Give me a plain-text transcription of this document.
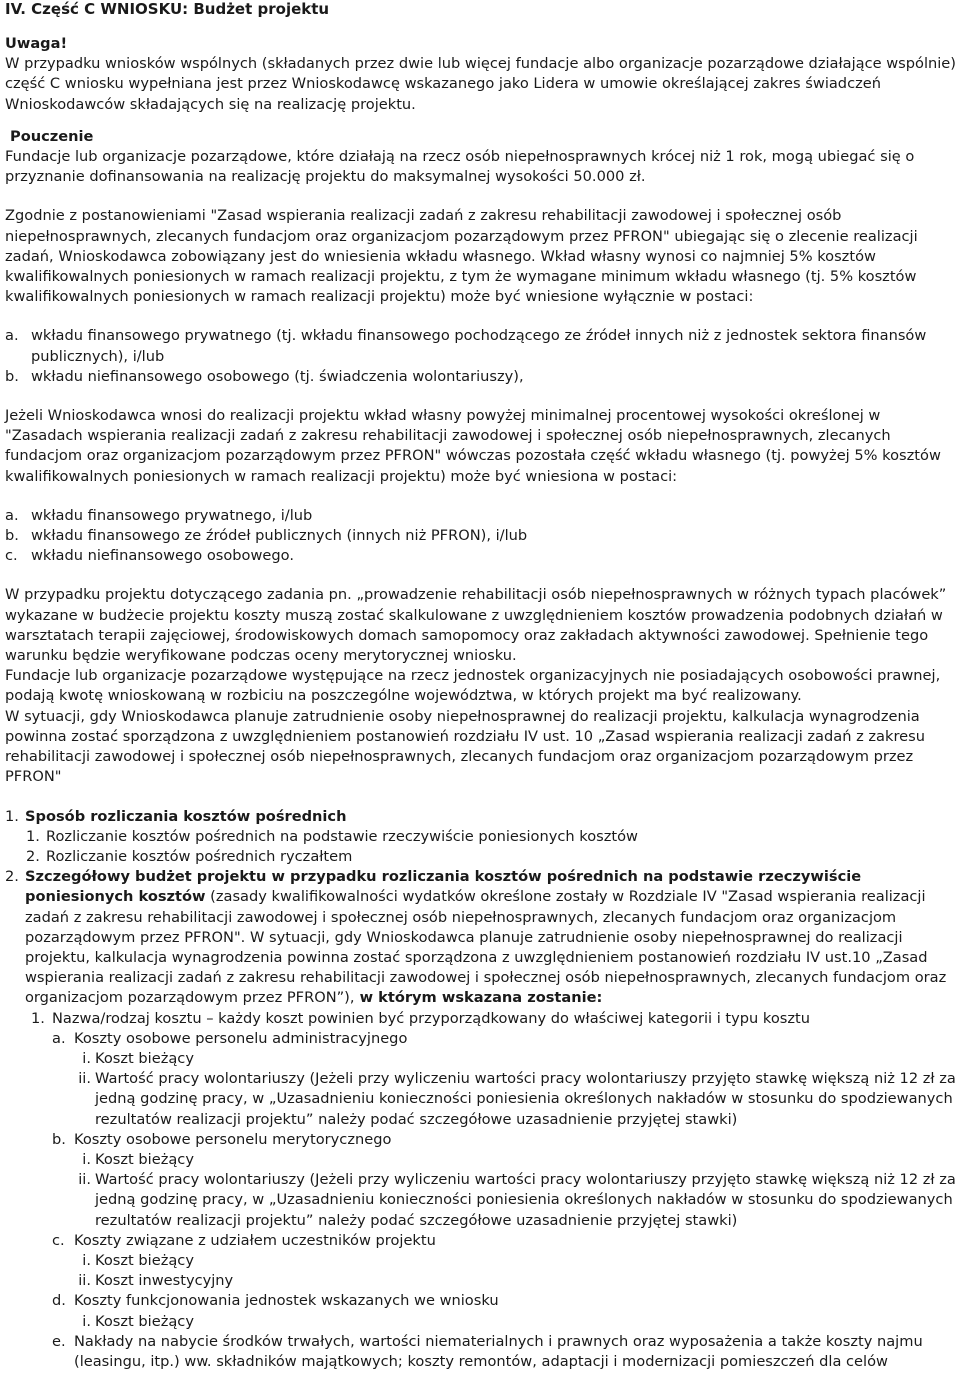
IV. Część C WNIOSKU: Budżet projektu

Uwaga!

W przypadku wniosków wspólnych (składanych przez dwie lub więcej fundacje albo organizacje pozarządowe działające wspólnie) część C wniosku wypełniana jest przez Wnioskodawcę wskazanego jako Lidera w umowie określającej zakres świadczeń Wnioskodawców składających się na realizację projektu.

Pouczenie

Fundacje lub organizacje pozarządowe, które działają na rzecz osób niepełnosprawnych krócej niż 1 rok, mogą ubiegać się o przyznanie dofinansowania na realizację projektu do maksymalnej wysokości 50.000 zł.

Zgodnie z postanowieniami "Zasad wspierania realizacji zadań z zakresu rehabilitacji zawodowej i społecznej osób niepełnosprawnych, zlecanych fundacjom oraz organizacjom pozarządowym przez PFRON" ubiegając się o zlecenie realizacji zadań, Wnioskodawca zobowiązany jest do wniesienia wkładu własnego. Wkład własny wynosi co najmniej 5% kosztów kwalifikowalnych poniesionych w ramach realizacji projektu, z tym że wymagane minimum wkładu własnego (tj. 5% kosztów kwalifikowalnych poniesionych w ramach realizacji projektu) może być wniesione wyłącznie w postaci:

a. wkładu finansowego prywatnego (tj. wkładu finansowego pochodzącego ze źródeł innych niż z jednostek sektora finansów publicznych), i/lub
b. wkładu niefinansowego osobowego (tj. świadczenia wolontariuszy),

Jeżeli Wnioskodawca wnosi do realizacji projektu wkład własny powyżej minimalnej procentowej wysokości określonej w "Zasadach wspierania realizacji zadań z zakresu rehabilitacji zawodowej i społecznej osób niepełnosprawnych, zlecanych fundacjom oraz organizacjom pozarządowym przez PFRON" wówczas pozostała część wkładu własnego (tj. powyżej 5% kosztów kwalifikowalnych poniesionych w ramach realizacji projektu) może być wniesiona w postaci:

a. wkładu finansowego prywatnego, i/lub
b. wkładu finansowego ze źródeł publicznych (innych niż PFRON), i/lub
c. wkładu niefinansowego osobowego.

W przypadku projektu dotyczącego zadania pn. „prowadzenie rehabilitacji osób niepełnosprawnych w różnych typach placówek” wykazane w budżecie projektu koszty muszą zostać skalkulowane z uwzględnieniem kosztów prowadzenia podobnych działań w warsztatach terapii zajęciowej, środowiskowych domach samopomocy oraz zakładach aktywności zawodowej. Spełnienie tego warunku będzie weryfikowane podczas oceny merytorycznej wniosku.

Fundacje lub organizacje pozarządowe występujące na rzecz jednostek organizacyjnych nie posiadających osobowości prawnej, podają kwotę wnioskowaną w rozbiciu na poszczególne województwa, w których projekt ma być realizowany.

W sytuacji, gdy Wnioskodawca planuje zatrudnienie osoby niepełnosprawnej do realizacji projektu, kalkulacja wynagrodzenia powinna zostać sporządzona z uwzględnieniem postanowień rozdziału IV ust. 10 „Zasad wspierania realizacji zadań z zakresu rehabilitacji zawodowej i społecznej osób niepełnosprawnych, zlecanych fundacjom oraz organizacjom pozarządowym przez PFRON"

1. Sposób rozliczania kosztów pośrednich
1. Rozliczanie kosztów pośrednich na podstawie rzeczywiście poniesionych kosztów
2. Rozliczanie kosztów pośrednich ryczałtem
2. Szczegółowy budżet projektu w przypadku rozliczania kosztów pośrednich na podstawie rzeczywiście poniesionych kosztów (zasady kwalifikowalności wydatków określone zostały w Rozdziale IV "Zasad wspierania realizacji zadań z zakresu rehabilitacji zawodowej i społecznej osób niepełnosprawnych, zlecanych fundacjom oraz organizacjom pozarządowym przez PFRON". W sytuacji, gdy Wnioskodawca planuje zatrudnienie osoby niepełnosprawnej do realizacji projektu, kalkulacja wynagrodzenia powinna zostać sporządzona z uwzględnieniem postanowień rozdziału IV ust.10 „Zasad wspierania realizacji zadań z zakresu rehabilitacji zawodowej i społecznej osób niepełnosprawnych, zlecanych fundacjom oraz organizacjom pozarządowym przez PFRON”), w którym wskazana zostanie:
1. Nazwa/rodzaj kosztu – każdy koszt powinien być przyporządkowany do właściwej kategorii i typu kosztu
a. Koszty osobowe personelu administracyjnego
i. Koszt bieżący
ii. Wartość pracy wolontariuszy (Jeżeli przy wyliczeniu wartości pracy wolontariuszy przyjęto stawkę większą niż 12 zł za jedną godzinę pracy, w „Uzasadnieniu konieczności poniesienia określonych nakładów w stosunku do spodziewanych rezultatów realizacji projektu” należy podać szczegółowe uzasadnienie przyjętej stawki)
b. Koszty osobowe personelu merytorycznego
i. Koszt bieżący
ii. Wartość pracy wolontariuszy (Jeżeli przy wyliczeniu wartości pracy wolontariuszy przyjęto stawkę większą niż 12 zł za jedną godzinę pracy, w „Uzasadnieniu konieczności poniesienia określonych nakładów w stosunku do spodziewanych rezultatów realizacji projektu” należy podać szczegółowe uzasadnienie przyjętej stawki)
c. Koszty związane z udziałem uczestników projektu
i. Koszt bieżący
ii. Koszt inwestycyjny
d. Koszty funkcjonowania jednostek wskazanych we wniosku
i. Koszt bieżący
e. Nakłady na nabycie środków trwałych, wartości niematerialnych i prawnych oraz wyposażenia a także koszty najmu (leasingu, itp.) ww. składników majątkowych; koszty remontów, adaptacji i modernizacji pomieszczeń dla celów
